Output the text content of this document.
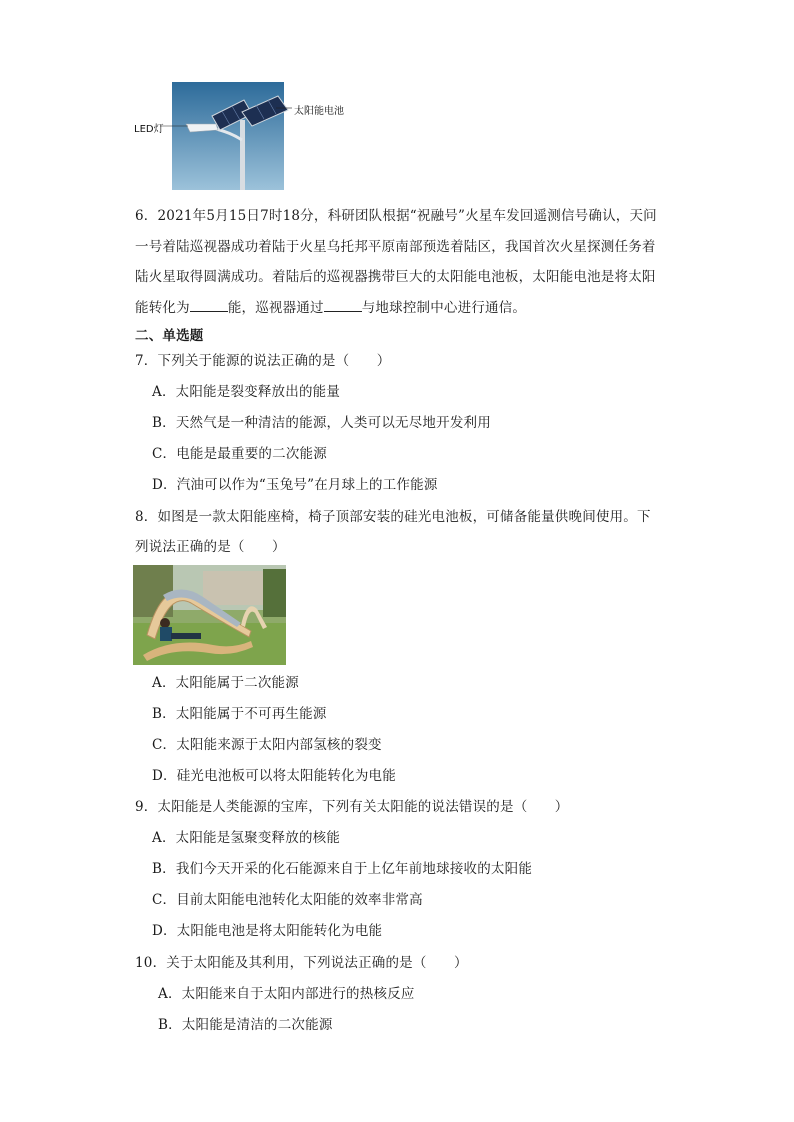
LED灯
太阳能电池
6．2021年5月15日7时18分，科研团队根据“祝融号”火星车发回遥测信号确认，天问
一号着陆巡视器成功着陆于火星乌托邦平原南部预选着陆区，我国首次火星探测任务着
陆火星取得圆满成功。着陆后的巡视器携带巨大的太阳能电池板，太阳能电池是将太阳
能转化为	能，巡视器通过	与地球控制中心进行通信。
二、单选题
7．下列关于能源的说法正确的是（　　）
A．太阳能是裂变释放出的能量
B．天然气是一种清洁的能源，人类可以无尽地开发利用
C．电能是最重要的二次能源
D．汽油可以作为“玉兔号”在月球上的工作能源
8．如图是一款太阳能座椅，椅子顶部安装的硅光电池板，可储备能量供晚间使用。下
列说法正确的是（　　）
A．太阳能属于二次能源
B．太阳能属于不可再生能源
C．太阳能来源于太阳内部氢核的裂变
D．硅光电池板可以将太阳能转化为电能
9．太阳能是人类能源的宝库，下列有关太阳能的说法错误的是（　　）
A．太阳能是氢聚变释放的核能
B．我们今天开采的化石能源来自于上亿年前地球接收的太阳能
C．目前太阳能电池转化太阳能的效率非常高
D．太阳能电池是将太阳能转化为电能
10．关于太阳能及其利用，下列说法正确的是（　　）
A．太阳能来自于太阳内部进行的热核反应
B．太阳能是清洁的二次能源
